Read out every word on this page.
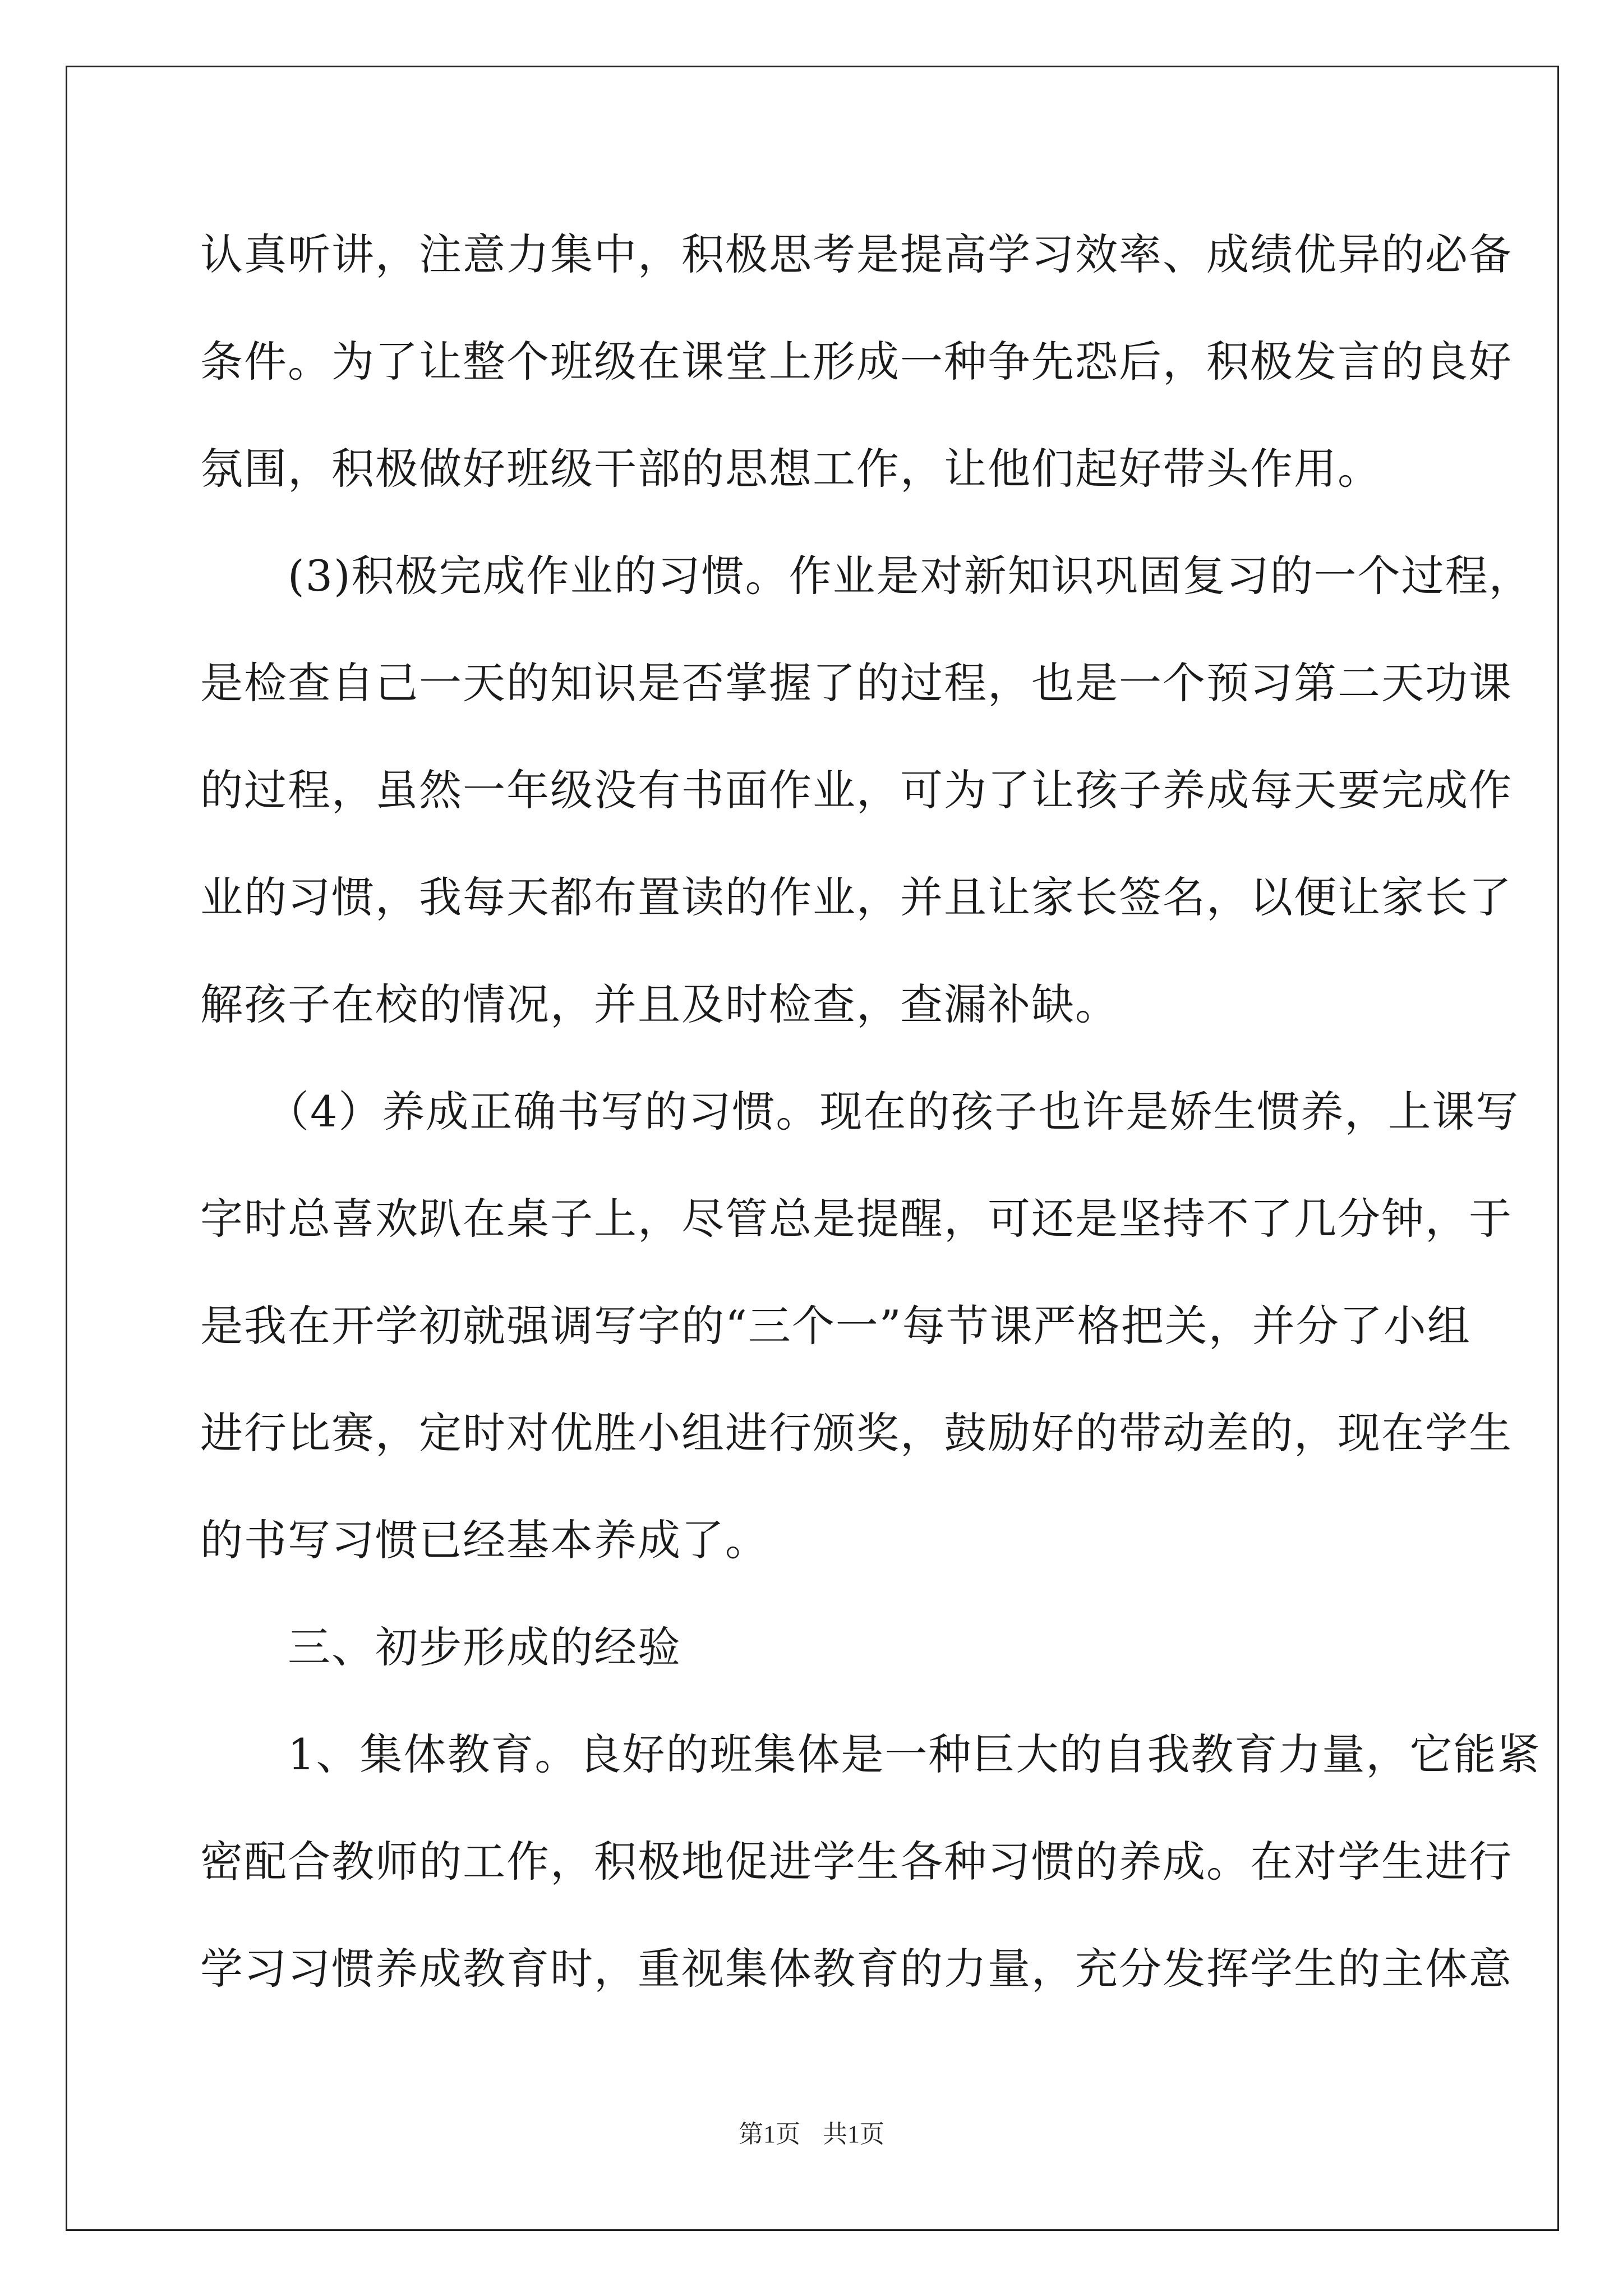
认真听讲，注意力集中，积极思考是提高学习效率、成绩优异的必备
条件。为了让整个班级在课堂上形成一种争先恐后，积极发言的良好
氛围，积极做好班级干部的思想工作，让他们起好带头作用。
　　(3)积极完成作业的习惯。作业是对新知识巩固复习的一个过程，
是检查自己一天的知识是否掌握了的过程，也是一个预习第二天功课
的过程，虽然一年级没有书面作业，可为了让孩子养成每天要完成作
业的习惯，我每天都布置读的作业，并且让家长签名，以便让家长了
解孩子在校的情况，并且及时检查，查漏补缺。
　　（4）养成正确书写的习惯。现在的孩子也许是娇生惯养，上课写
字时总喜欢趴在桌子上，尽管总是提醒，可还是坚持不了几分钟，于
是我在开学初就强调写字的“三个一”每节课严格把关，并分了小组
进行比赛，定时对优胜小组进行颁奖，鼓励好的带动差的，现在学生
的书写习惯已经基本养成了。
　　三、初步形成的经验
　　1、集体教育。良好的班集体是一种巨大的自我教育力量，它能紧
密配合教师的工作，积极地促进学生各种习惯的养成。在对学生进行
学习习惯养成教育时，重视集体教育的力量，充分发挥学生的主体意
第1页 共1页
